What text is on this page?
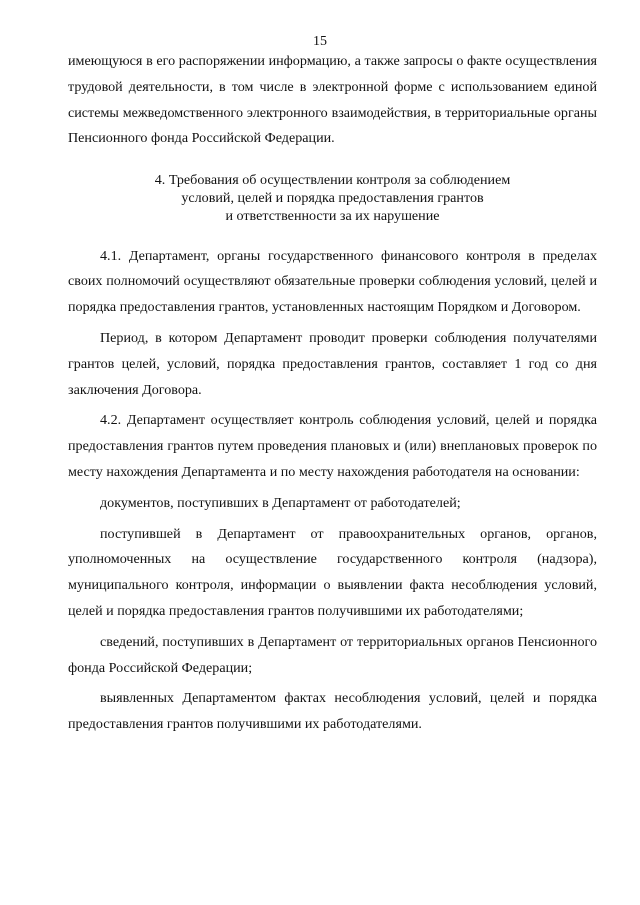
15

имеющуюся в его распоряжении информацию, а также запросы о факте осуществления трудовой деятельности, в том числе в электронной форме с использованием единой системы межведомственного электронного взаимодействия, в территориальные органы Пенсионного фонда Российской Федерации.

4. Требования об осуществлении контроля за соблюдением
условий, целей и порядка предоставления грантов
и ответственности за их нарушение

4.1. Департамент, органы государственного финансового контроля в пределах своих полномочий осуществляют обязательные проверки соблюдения условий, целей и порядка предоставления грантов, установленных настоящим Порядком и Договором.

Период, в котором Департамент проводит проверки соблюдения получателями грантов целей, условий, порядка предоставления грантов, составляет 1 год со дня заключения Договора.

4.2. Департамент осуществляет контроль соблюдения условий, целей и порядка предоставления грантов путем проведения плановых и (или) внеплановых проверок по месту нахождения Департамента и по месту нахождения работодателя на основании:

документов, поступивших в Департамент от работодателей;

поступившей в Департамент от правоохранительных органов, органов, уполномоченных на осуществление государственного контроля (надзора), муниципального контроля, информации о выявлении факта несоблюдения условий, целей и порядка предоставления грантов получившими их работодателями;

сведений, поступивших в Департамент от территориальных органов Пенсионного фонда Российской Федерации;

выявленных Департаментом фактах несоблюдения условий, целей и порядка предоставления грантов получившими их работодателями.
